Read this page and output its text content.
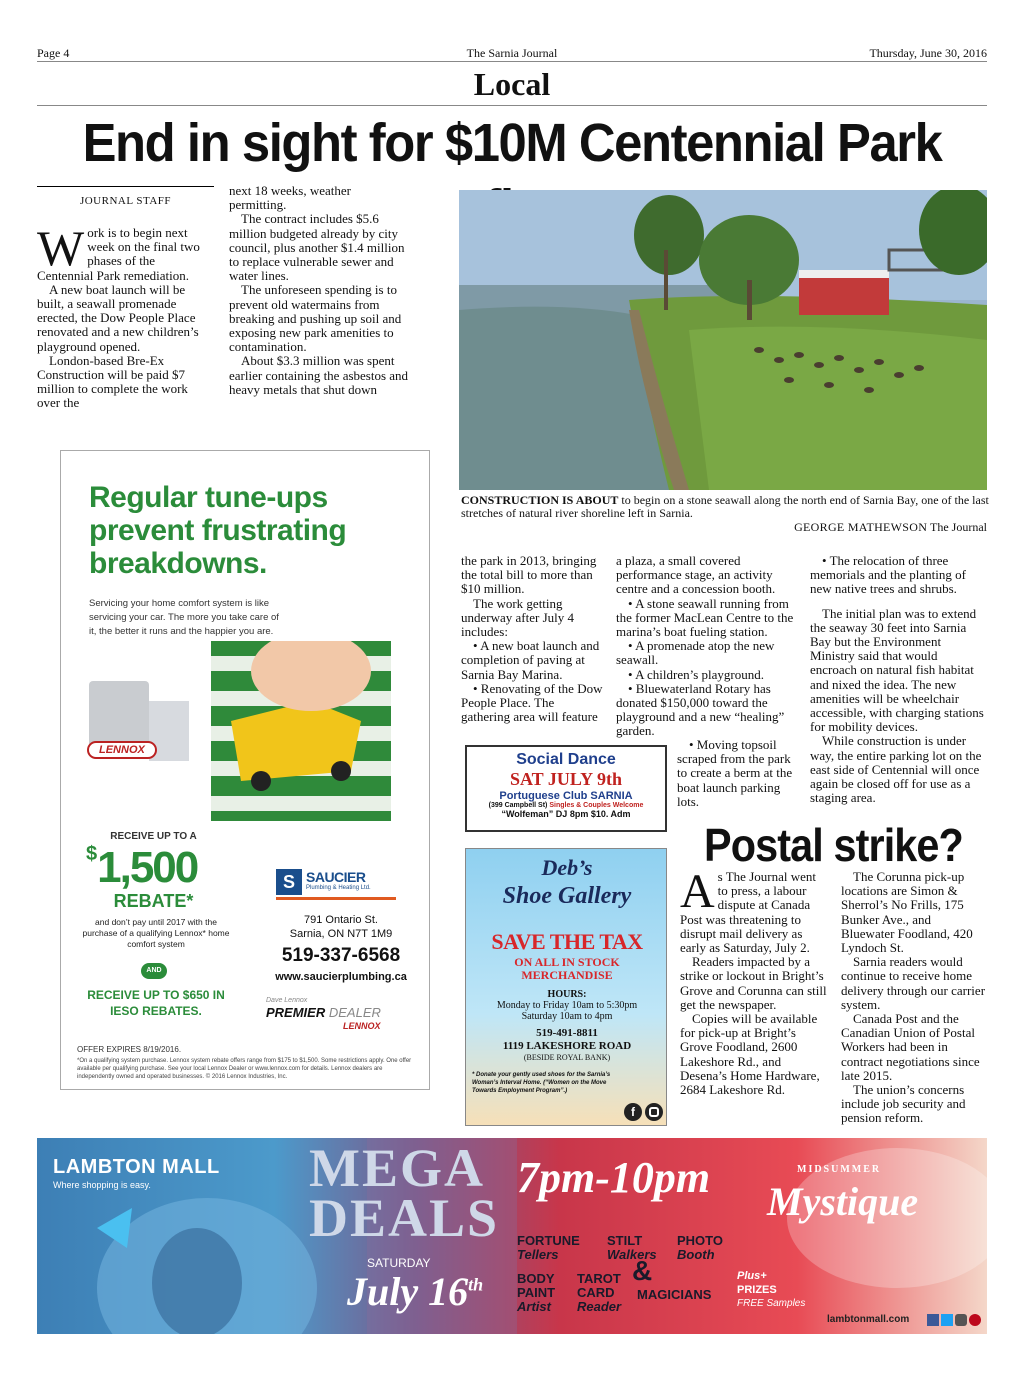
Page 4	The Sarnia Journal	Thursday, June 30, 2016
Local
End in sight for $10M Centennial Park
JOURNAL STAFF

Work is to begin next week on the final two phases of the Centennial Park remediation.

A new boat launch will be built, a seawall promenade erected, the Dow People Place renovated and a new children’s playground opened.

London-based Bre-Ex Construction will be paid $7 million to complete the work over the

next 18 weeks, weather permitting.

The contract includes $5.6 million budgeted already by city council, plus another $1.4 million to replace vulnerable sewer and water lines.

The unforeseen spending is to prevent old watermains from breaking and pushing up soil and exposing new park amenities to contamination.

About $3.3 million was spent earlier containing the asbestos and heavy metals that shut down

CONSTRUCTION IS ABOUT to begin on a stone seawall along the north end of Sarnia Bay, one of the last stretches of natural river shoreline left in Sarnia.
GEORGE MATHEWSON The Journal

the park in 2013, bringing the total bill to more than $10 million.

The work getting underway after July 4 includes:

• A new boat launch and completion of paving at Sarnia Bay Marina.

• Renovating of the Dow People Place. The gathering area will feature

a plaza, a small covered performance stage, an activity centre and a concession booth.

• A stone seawall running from the former MacLean Centre to the marina’s boat fueling station.

• A promenade atop the new seawall.

• A children’s playground.

• Bluewaterland Rotary has donated $150,000 toward the playground and a new “healing” garden.

• Moving topsoil scraped from the park to create a berm at the boat launch parking lots.

• The relocation of three memorials and the planting of new native trees and shrubs.

The initial plan was to extend the seaway 30 feet into Sarnia Bay but the Environment Ministry said that would encroach on natural fish habitat and nixed the idea. The new amenities will be wheelchair accessible, with charging stations for mobility devices.

While construction is under way, the entire parking lot on the east side of Centennial will once again be closed off for use as a staging area.

Regular tune-ups prevent frustrating breakdowns.
Servicing your home comfort system is like servicing your car. The more you take care of it, the better it runs and the happier you are.
LENNOX
RECEIVE UP TO A
$1,500
REBATE*
and don’t pay until 2017 with the purchase of a qualifying Lennox* home comfort system
AND
RECEIVE UP TO $650 IN IESO REBATES.
S SAUCIER
Plumbing & Heating Ltd.
791 Ontario St.
Sarnia, ON N7T 1M9
519-337-6568
www.saucierplumbing.ca
Dave Lennox
PREMIER DEALER
LENNOX
OFFER EXPIRES 8/19/2016.
*On a qualifying system purchase. Lennox system rebate offers range from $175 to $1,500. Some restrictions apply. One offer available per qualifying purchase. See your local Lennox Dealer or www.lennox.com for details. Lennox dealers are independently owned and operated businesses. © 2016 Lennox Industries, Inc.
Social Dance
SAT JULY 9th
Portuguese Club SARNIA
(399 Campbell St) Singles & Couples Welcome
“Wolfeman” DJ 8pm $10. Adm
Deb’s
Shoe Gallery
SAVE THE TAX
ON ALL IN STOCK
MERCHANDISE
HOURS:
Monday to Friday 10am to 5:30pm
Saturday 10am to 4pm
519-491-8811
1119 LAKESHORE ROAD
(BESIDE ROYAL BANK)
* Donate your gently used shoes for the Sarnia’s Woman’s Interval Home. (“Women on the Move Towards Employment Program”.)
f
Postal strike?

As The Journal went to press, a labour dispute at Canada Post was threatening to disrupt mail delivery as early as Saturday, July 2.

Readers impacted by a strike or lockout in Bright’s Grove and Corunna can still get the newspaper.

Copies will be available for pick-up at Bright’s Grove Foodland, 2600 Lakeshore Rd., and Desena’s Home Hardware, 2684 Lakeshore Rd.

The Corunna pick-up locations are Simon & Sherrol’s No Frills, 175 Bunker Ave., and Bluewater Foodland, 420 Lyndoch St.

Sarnia readers would continue to receive home delivery through our carrier system.

Canada Post and the Canadian Union of Postal Workers had been in contract negotiations since late 2015.

The union’s concerns include job security and pension reform.

LAMBTON MALL
Where shopping is easy.	MEGA
DEALS
SATURDAY
July 16th
7pm-10pm
FORTUNE
Tellers
STILT
Walkers
PHOTO
Booth
BODY
PAINT
Artist
TAROT
CARD
Reader
&
MAGICIANS
Plus+
PRIZES
FREE Samples
MIDSUMMER
Mystique
lambtonmall.com
